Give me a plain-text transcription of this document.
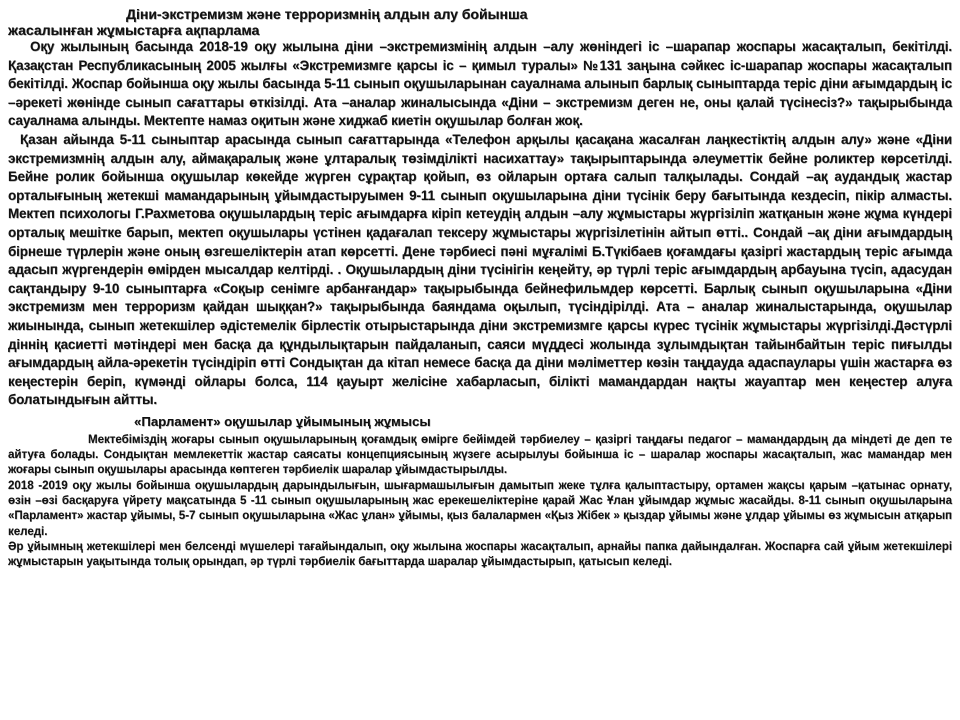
Діни-экстремизм және терроризмнің алдын алу бойынша

жасалынған жұмыстарға ақпарлама

Оқу жылының басында 2018-19 оқу жылына діни –экстремизмінің алдын –алу жөніндегі іс –шарапар жоспары жасақталып, бекітілді. Қазақстан Республикасының 2005 жылғы «Экстремизмге қарсы іс – қимыл туралы» №131 заңына сәйкес іс-шарапар жоспары жасақталып бекітілді. Жоспар бойынша оқу жылы басында 5-11 сынып оқушыларынан сауалнама алынып барлық сыныптарда теріс діни ағымдардың іс –әрекеті жөнінде сынып сағаттары өткізілді. Ата –аналар жиналысында «Діни – экстремизм деген не, оны қалай түсінесіз?» тақырыбында сауалнама алынды. Мектепте намаз оқитын және хиджаб киетін оқушылар болған жоқ.

Қазан айында 5-11 сыныптар арасында сынып сағаттарында «Телефон арқылы қасақана жасалған лаңкестіктің алдын алу» және «Діни экстремизмнің алдын алу, аймақаралық және ұлтаралық төзімділікті насихаттау» тақырыптарында әлеуметтік бейне роликтер көрсетілді. Бейне ролик бойынша оқушылар көкейде жүрген сұрақтар қойып, өз ойларын ортаға салып талқылады. Сондай –ақ аудандық жастар орталығының жетекші мамандарының ұйымдастыруымен 9-11 сынып оқушыларына діни түсінік беру бағытында кездесіп, пікір алмасты. Мектеп психологы Г.Рахметова оқушылардың теріс ағымдарға кіріп кетеудің алдын –алу жұмыстары жүргізіліп жатқанын және жұма күндері орталық мешітке барып, мектеп оқушылары үстінен қадағалап тексеру жұмыстары жүргізілетінін айтып өтті.. Сондай –ақ діни ағымдардың бірнеше түрлерін және оның өзгешеліктерін атап көрсетті. Дене тәрбиесі пәні мұғалімі Б.Түкібаев қоғамдағы қазіргі жастардың теріс ағымда адасып жүргендерін өмірден мысалдар келтірді. . Оқушылардың діни түсінігін кеңейту, әр түрлі теріс ағымдардың арбауына түсіп, адасудан сақтандыру 9-10 сыныптарға «Соқыр сенімге арбанғандар» тақырыбында бейнефильмдер көрсетті. Барлық сынып оқушыларына «Діни экстремизм мен терроризм қайдан шыққан?» тақырыбында баяндама оқылып, түсіндірілді. Ата – аналар жиналыстарында, оқушылар жиынында, сынып жетекшілер әдістемелік бірлестік отырыстарында діни экстремизмге қарсы күрес түсінік жұмыстары жүргізілді.Дәстүрлі діннің қасиетті мәтіндері мен басқа да құндылықтарын пайдаланып, саяси мүддесі жолында зұлымдықтан тайынбайтын теріс пиғылды ағымдардың айла-әрекетін түсіндіріп өтті Сондықтан да кітап немесе басқа да діни мәліметтер көзін таңдауда адаспаулары үшін жастарға өз кеңестерін беріп, күмәнді ойлары болса, 114 қауырт желісіне хабарласып, білікті мамандардан нақты жауаптар мен кеңестер алуға болатындығын айтты.

«Парламент» оқушылар ұйымының жұмысы

Мектебіміздің жоғары сынып оқушыларының қоғамдық өмірге бейімдей тәрбиелеу – қазіргі таңдағы педагог – мамандардың да міндеті де деп те айтуға болады. Сондықтан мемлекеттік жастар саясаты концепциясының жүзеге асырылуы бойынша іс – шаралар жоспары жасақталып, жас мамандар мен жоғары сынып оқушылары арасында көптеген тәрбиелік шаралар ұйымдастырылды.

2018 -2019 оқу жылы бойынша оқушылардың дарындылығын, шығармашылығын дамытып жеке тұлға қалыптастыру, ортамен жақсы қарым –қатынас орнату, өзін –өзі басқаруға үйрету мақсатында 5 -11 сынып оқушыларының жас ерекешеліктеріне қарай Жас Ұлан ұйымдар жұмыс жасайды. 8-11 сынып оқушыларына «Парламент» жастар ұйымы, 5-7 сынып оқушыларына «Жас ұлан» ұйымы, қыз балалармен «Қыз Жібек » қыздар ұйымы және ұлдар ұйымы өз жұмысын атқарып келеді.

Әр ұйымның жетекшілері мен белсенді мүшелері тағайындалып, оқу жылына жоспары жасақталып, арнайы папка дайындалған. Жоспарға сай ұйым жетекшілері жұмыстарын уақытында толық орындап, әр түрлі тәрбиелік бағыттарда шаралар ұйымдастырып, қатысып келеді.
